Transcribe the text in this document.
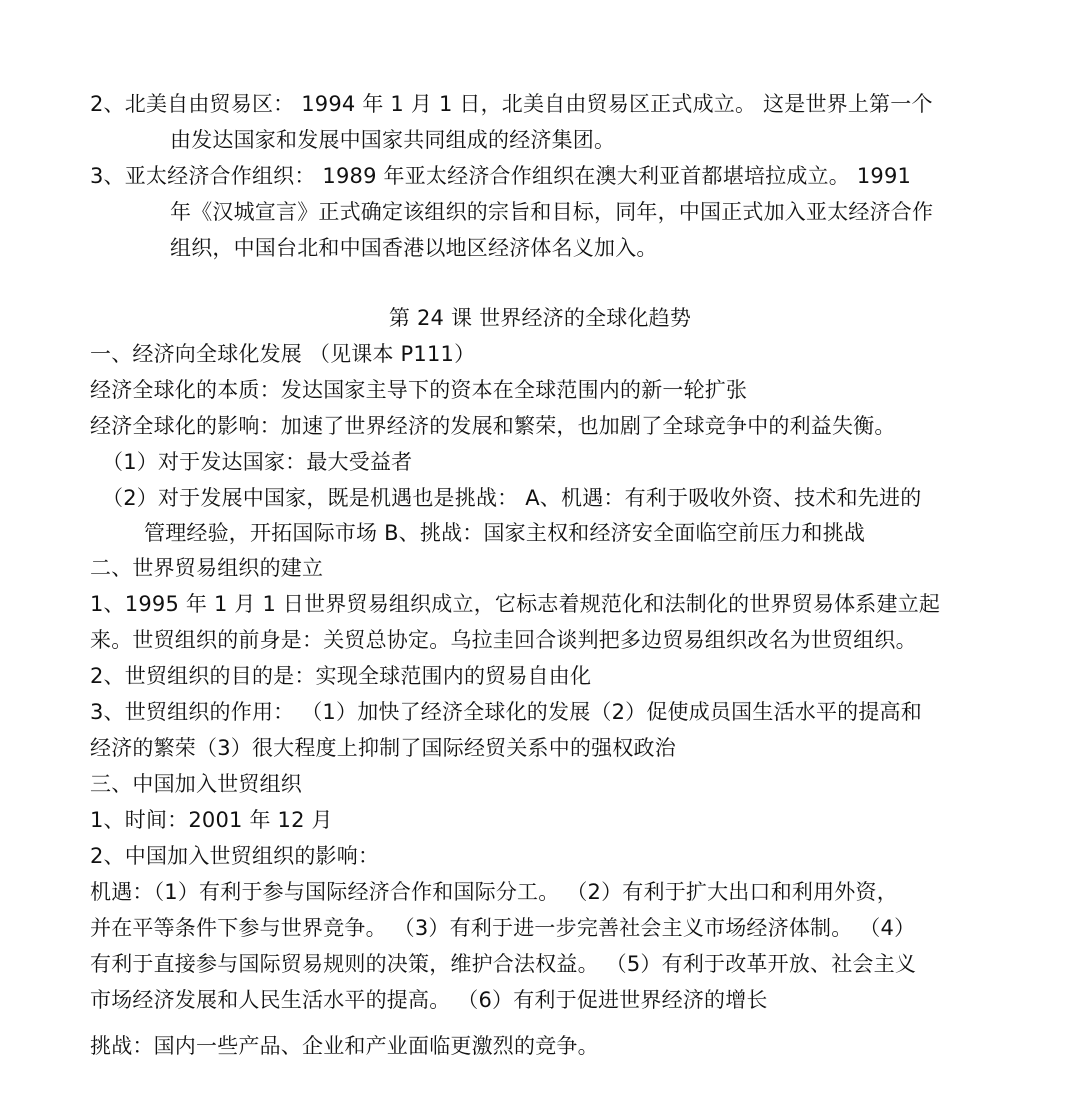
2、北美自由贸易区： 1994 年 1 月 1 日，北美自由贸易区正式成立。 这是世界上第一个
由发达国家和发展中国家共同组成的经济集团。
3、亚太经济合作组织： 1989 年亚太经济合作组织在澳大利亚首都堪培拉成立。 1991
年《汉城宣言》正式确定该组织的宗旨和目标，同年，中国正式加入亚太经济合作
组织，中国台北和中国香港以地区经济体名义加入。
第 24 课 世界经济的全球化趋势
一、经济向全球化发展 （见课本 P111）
经济全球化的本质：发达国家主导下的资本在全球范围内的新一轮扩张
经济全球化的影响：加速了世界经济的发展和繁荣，也加剧了全球竞争中的利益失衡。
（1）对于发达国家：最大受益者
（2）对于发展中国家，既是机遇也是挑战： A、机遇：有利于吸收外资、技术和先进的
管理经验，开拓国际市场 B、挑战：国家主权和经济安全面临空前压力和挑战
二、世界贸易组织的建立
1、1995 年 1 月 1 日世界贸易组织成立，它标志着规范化和法制化的世界贸易体系建立起
来。世贸组织的前身是：关贸总协定。乌拉圭回合谈判把多边贸易组织改名为世贸组织。
2、世贸组织的目的是：实现全球范围内的贸易自由化
3、世贸组织的作用： （1）加快了经济全球化的发展（2）促使成员国生活水平的提高和
经济的繁荣（3）很大程度上抑制了国际经贸关系中的强权政治
三、中国加入世贸组织
1、时间：2001 年 12 月
2、中国加入世贸组织的影响：
机遇：（1）有利于参与国际经济合作和国际分工。 （2）有利于扩大出口和利用外资，
并在平等条件下参与世界竞争。 （3）有利于进一步完善社会主义市场经济体制。 （4）
有利于直接参与国际贸易规则的决策，维护合法权益。 （5）有利于改革开放、社会主义
市场经济发展和人民生活水平的提高。 （6）有利于促进世界经济的增长
挑战：国内一些产品、企业和产业面临更激烈的竞争。
